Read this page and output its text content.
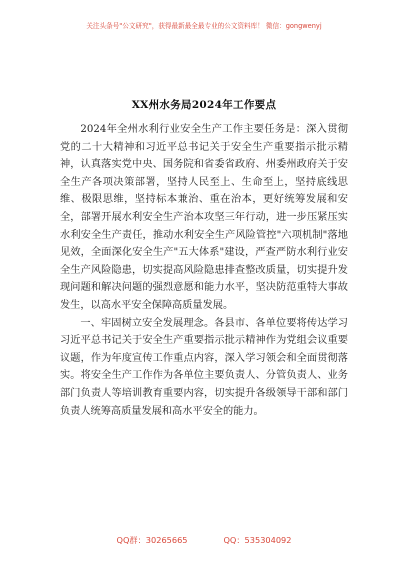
关注头条号"公文研究"，获得最新最全最专业的公文资料库！ 微信：gongwenyj
XX州水务局2024年工作要点

2024年全州水利行业安全生产工作主要任务是：深入贯彻党的二十大精神和习近平总书记关于安全生产重要指示批示精神，认真落实党中央、国务院和省委省政府、州委州政府关于安全生产各项决策部署，坚持人民至上、生命至上，坚持底线思维、极限思维，坚持标本兼治、重在治本，更好统筹发展和安全，部署开展水利安全生产治本攻坚三年行动，进一步压紧压实水利安全生产责任，推动水利安全生产风险管控"六项机制"落地见效，全面深化安全生产"五大体系"建设，严查严防水利行业安全生产风险隐患，切实提高风险隐患排查整改质量，切实提升发现问题和解决问题的强烈意愿和能力水平，坚决防范重特大事故发生，以高水平安全保障高质量发展。

一、牢固树立安全发展理念。各县市、各单位要将传达学习习近平总书记关于安全生产重要指示批示精神作为党组会议重要议题，作为年度宣传工作重点内容，深入学习领会和全面贯彻落实。将安全生产工作作为各单位主要负责人、分管负责人、业务部门负责人等培训教育重要内容，切实提升各级领导干部和部门负责人统筹高质量发展和高水平安全的能力。

QQ群：30265665	QQ：535304092
